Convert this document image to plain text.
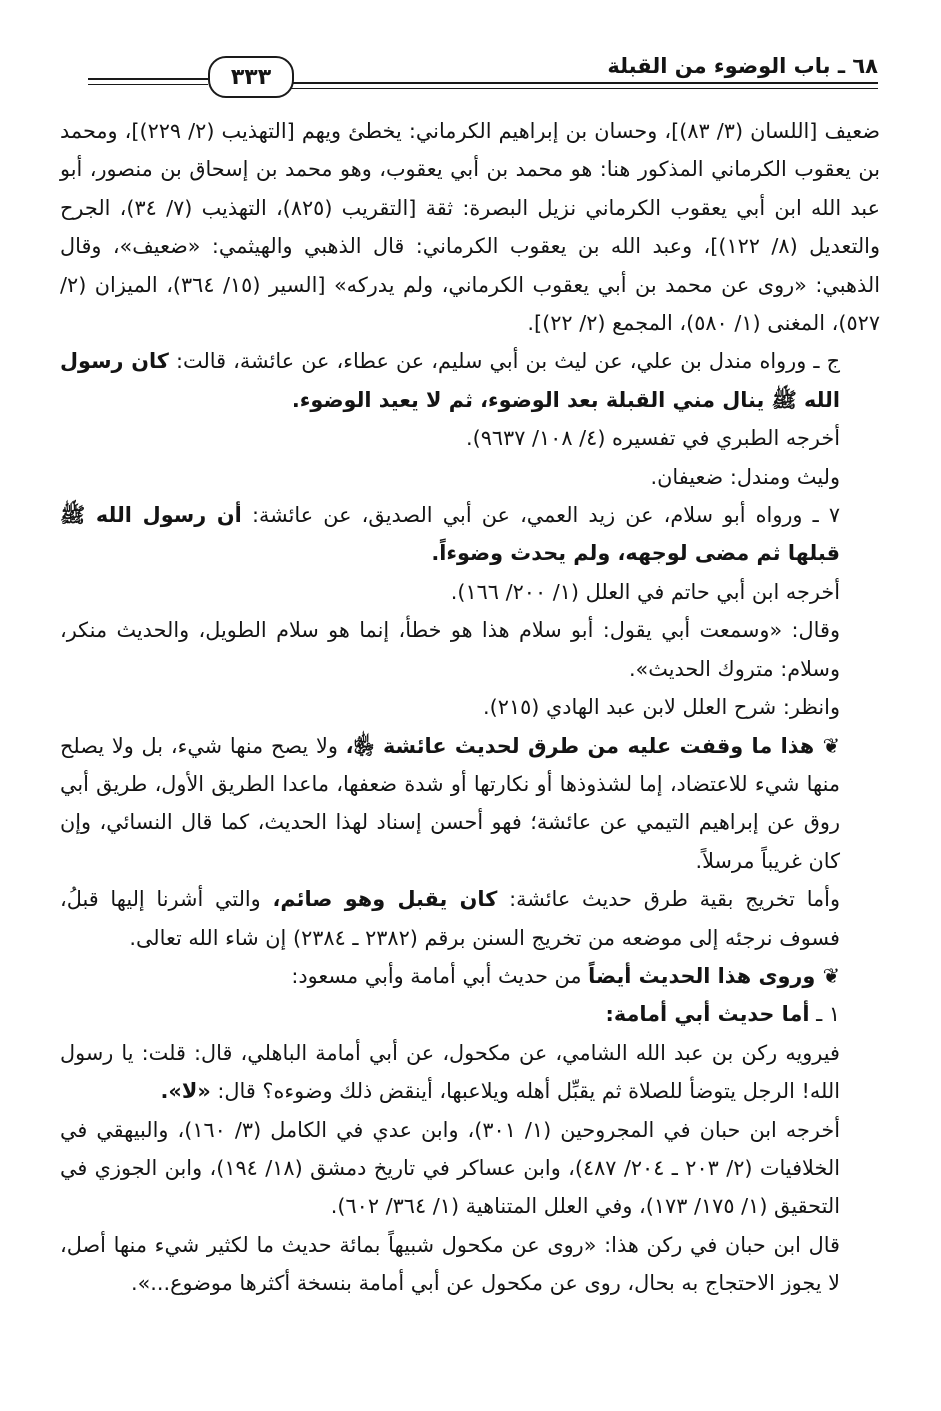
٣٣٣	٦٨ ـ باب الوضوء من القبلة

ضعيف [اللسان (٣/ ٨٣)]، وحسان بن إبراهيم الكرماني: يخطئ ويهم [التهذيب (٢/ ٢٢٩)]، ومحمد بن يعقوب الكرماني المذكور هنا: هو محمد بن أبي يعقوب، وهو محمد بن إسحاق بن منصور، أبو عبد الله ابن أبي يعقوب الكرماني نزيل البصرة: ثقة [التقريب (٨٢٥)، التهذيب (٧/ ٣٤)، الجرح والتعديل (٨/ ١٢٢)]، وعبد الله بن يعقوب الكرماني: قال الذهبي والهيثمي: «ضعيف»، وقال الذهبي: «روى عن محمد بن أبي يعقوب الكرماني، ولم يدركه» [السير (١٥/ ٣٦٤)، الميزان (٢/ ٥٢٧)، المغنى (١/ ٥٨٠)، المجمع (٢/ ٢٢)].

ج ـ ورواه مندل بن علي، عن ليث بن أبي سليم، عن عطاء، عن عائشة، قالت: كان رسول الله ﷺ ينال مني القبلة بعد الوضوء، ثم لا يعيد الوضوء.

أخرجه الطبري في تفسيره (٤/ ١٠٨/ ٩٦٣٧).

وليث ومندل: ضعيفان.

٧ ـ ورواه أبو سلام، عن زيد العمي، عن أبي الصديق، عن عائشة: أن رسول الله ﷺ قبلها ثم مضى لوجهه، ولم يحدث وضوءاً.

أخرجه ابن أبي حاتم في العلل (١/ ٢٠٠/ ١٦٦).

وقال: «وسمعت أبي يقول: أبو سلام هذا هو خطأ، إنما هو سلام الطويل، والحديث منكر، وسلام: متروك الحديث».

وانظر: شرح العلل لابن عبد الهادي (٢١٥).

❦ هذا ما وقفت عليه من طرق لحديث عائشة ﵂، ولا يصح منها شيء، بل ولا يصلح منها شيء للاعتضاد، إما لشذوذها أو نكارتها أو شدة ضعفها، ماعدا الطريق الأول، طريق أبي روق عن إبراهيم التيمي عن عائشة؛ فهو أحسن إسناد لهذا الحديث، كما قال النسائي، وإن كان غريباً مرسلاً.

وأما تخريج بقية طرق حديث عائشة: كان يقبل وهو صائم، والتي أشرنا إليها قبلُ، فسوف نرجئه إلى موضعه من تخريج السنن برقم (٢٣٨٢ ـ ٢٣٨٤) إن شاء الله تعالى.

❦ وروى هذا الحديث أيضاً من حديث أبي أمامة وأبي مسعود:

١ ـ أما حديث أبي أمامة:

فيرويه ركن بن عبد الله الشامي، عن مكحول، عن أبي أمامة الباهلي، قال: قلت: يا رسول الله! الرجل يتوضأ للصلاة ثم يقبِّل أهله ويلاعبها، أينقض ذلك وضوءه؟ قال: «لا».

أخرجه ابن حبان في المجروحين (١/ ٣٠١)، وابن عدي في الكامل (٣/ ١٦٠)، والبيهقي في الخلافيات (٢/ ٢٠٣ ـ ٢٠٤/ ٤٨٧)، وابن عساكر في تاريخ دمشق (١٨/ ١٩٤)، وابن الجوزي في التحقيق (١/ ١٧٥/ ١٧٣)، وفي العلل المتناهية (١/ ٣٦٤/ ٦٠٢).

قال ابن حبان في ركن هذا: «روى عن مكحول شبيهاً بمائة حديث ما لكثير شيء منها أصل، لا يجوز الاحتجاج به بحال، روى عن مكحول عن أبي أمامة بنسخة أكثرها موضوع...».
